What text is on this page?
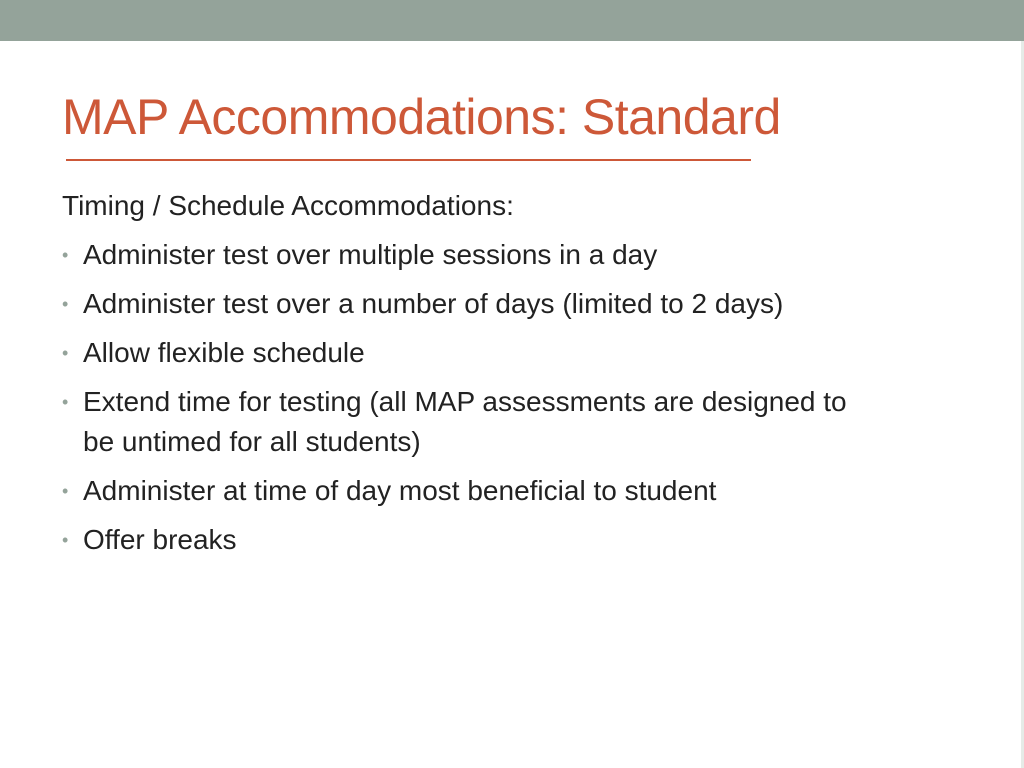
MAP Accommodations: Standard

Timing / Schedule Accommodations:

• Administer test over multiple sessions in a day
• Administer test over a number of days (limited to 2 days)
• Allow flexible schedule
• Extend time for testing (all MAP assessments are designed to be untimed for all students)
• Administer at time of day most beneficial to student
• Offer breaks
